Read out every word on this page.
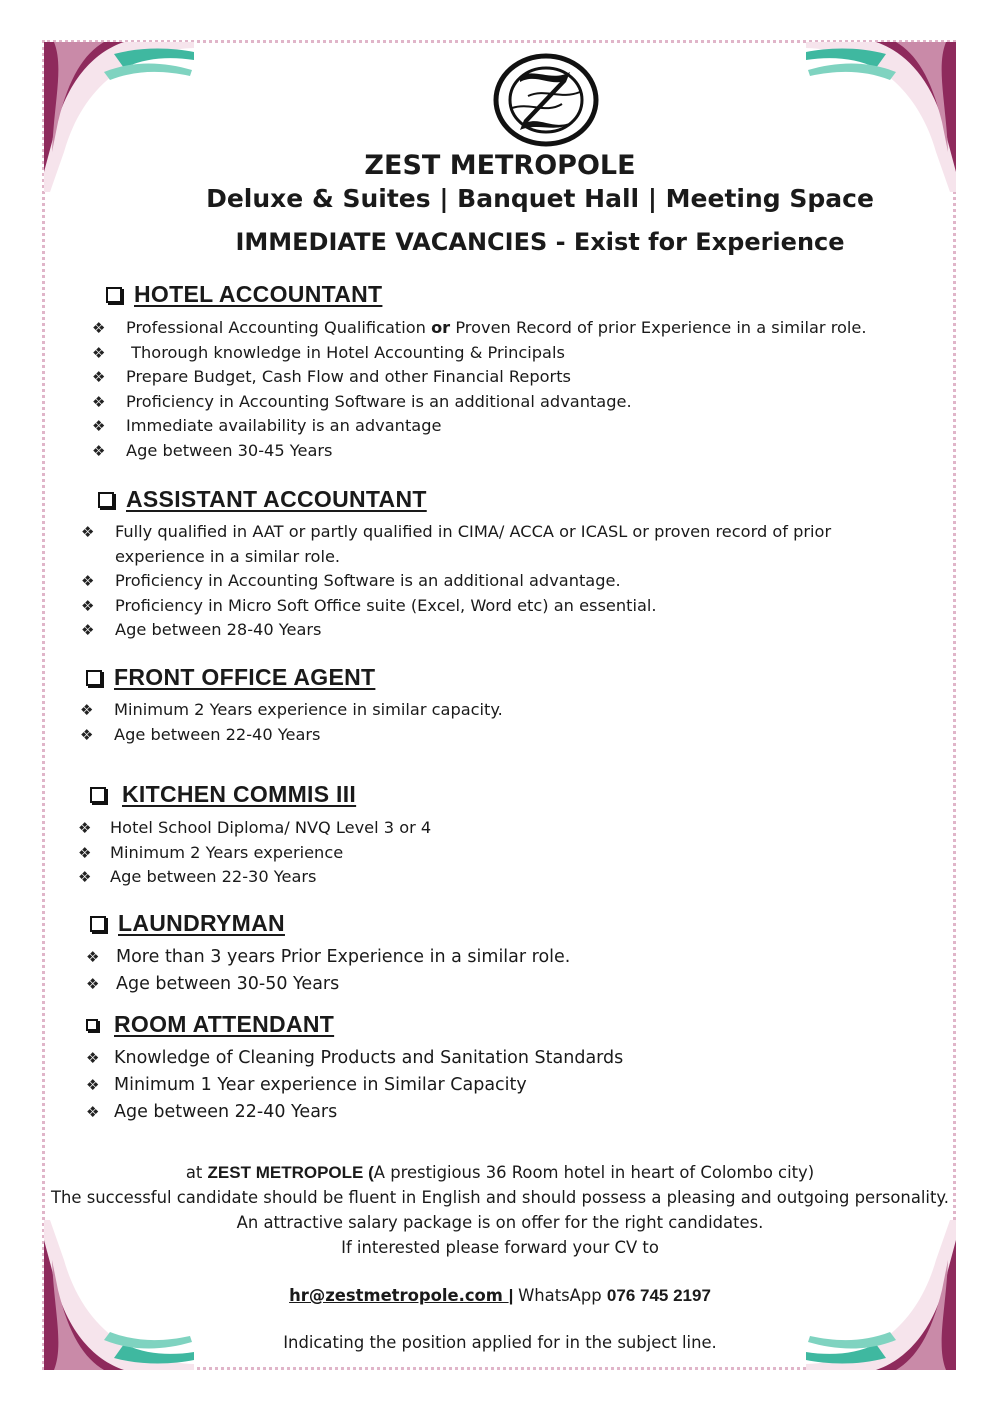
ZEST METROPOLE
Deluxe & Suites | Banquet Hall | Meeting Space
IMMEDIATE VACANCIES - Exist for Experience
HOTEL ACCOUNTANT
❖	Professional Accounting Qualification or Proven Record of prior Experience in a similar role.
❖	Thorough knowledge in Hotel Accounting & Principals
❖	Prepare Budget, Cash Flow and other Financial Reports
❖	Proficiency in Accounting Software is an additional advantage.
❖	Immediate availability is an advantage
❖	Age between 30-45 Years
ASSISTANT ACCOUNTANT
❖	Fully qualified in AAT or partly qualified in CIMA/ ACCA or ICASL or proven record of prior
experience in a similar role.
❖	Proficiency in Accounting Software is an additional advantage.
❖	Proficiency in Micro Soft Office suite (Excel, Word etc) an essential.
❖	Age between 28-40 Years
FRONT OFFICE AGENT
❖	Minimum 2 Years experience in similar capacity.
❖	Age between 22-40 Years
KITCHEN COMMIS III
❖	Hotel School Diploma/ NVQ Level 3 or 4
❖	Minimum 2 Years experience
❖	Age between 22-30 Years
LAUNDRYMAN
❖ More than 3 years Prior Experience in a similar role.
❖ Age between 30-50 Years
ROOM ATTENDANT
❖ Knowledge of Cleaning Products and Sanitation Standards
❖ Minimum 1 Year experience in Similar Capacity
❖ Age between 22-40 Years
at ZEST METROPOLE (A prestigious 36 Room hotel in heart of Colombo city)
The successful candidate should be fluent in English and should possess a pleasing and outgoing personality.
An attractive salary package is on offer for the right candidates.
If interested please forward your CV to
hr@zestmetropole.com | WhatsApp 076 745 2197
Indicating the position applied for in the subject line.
